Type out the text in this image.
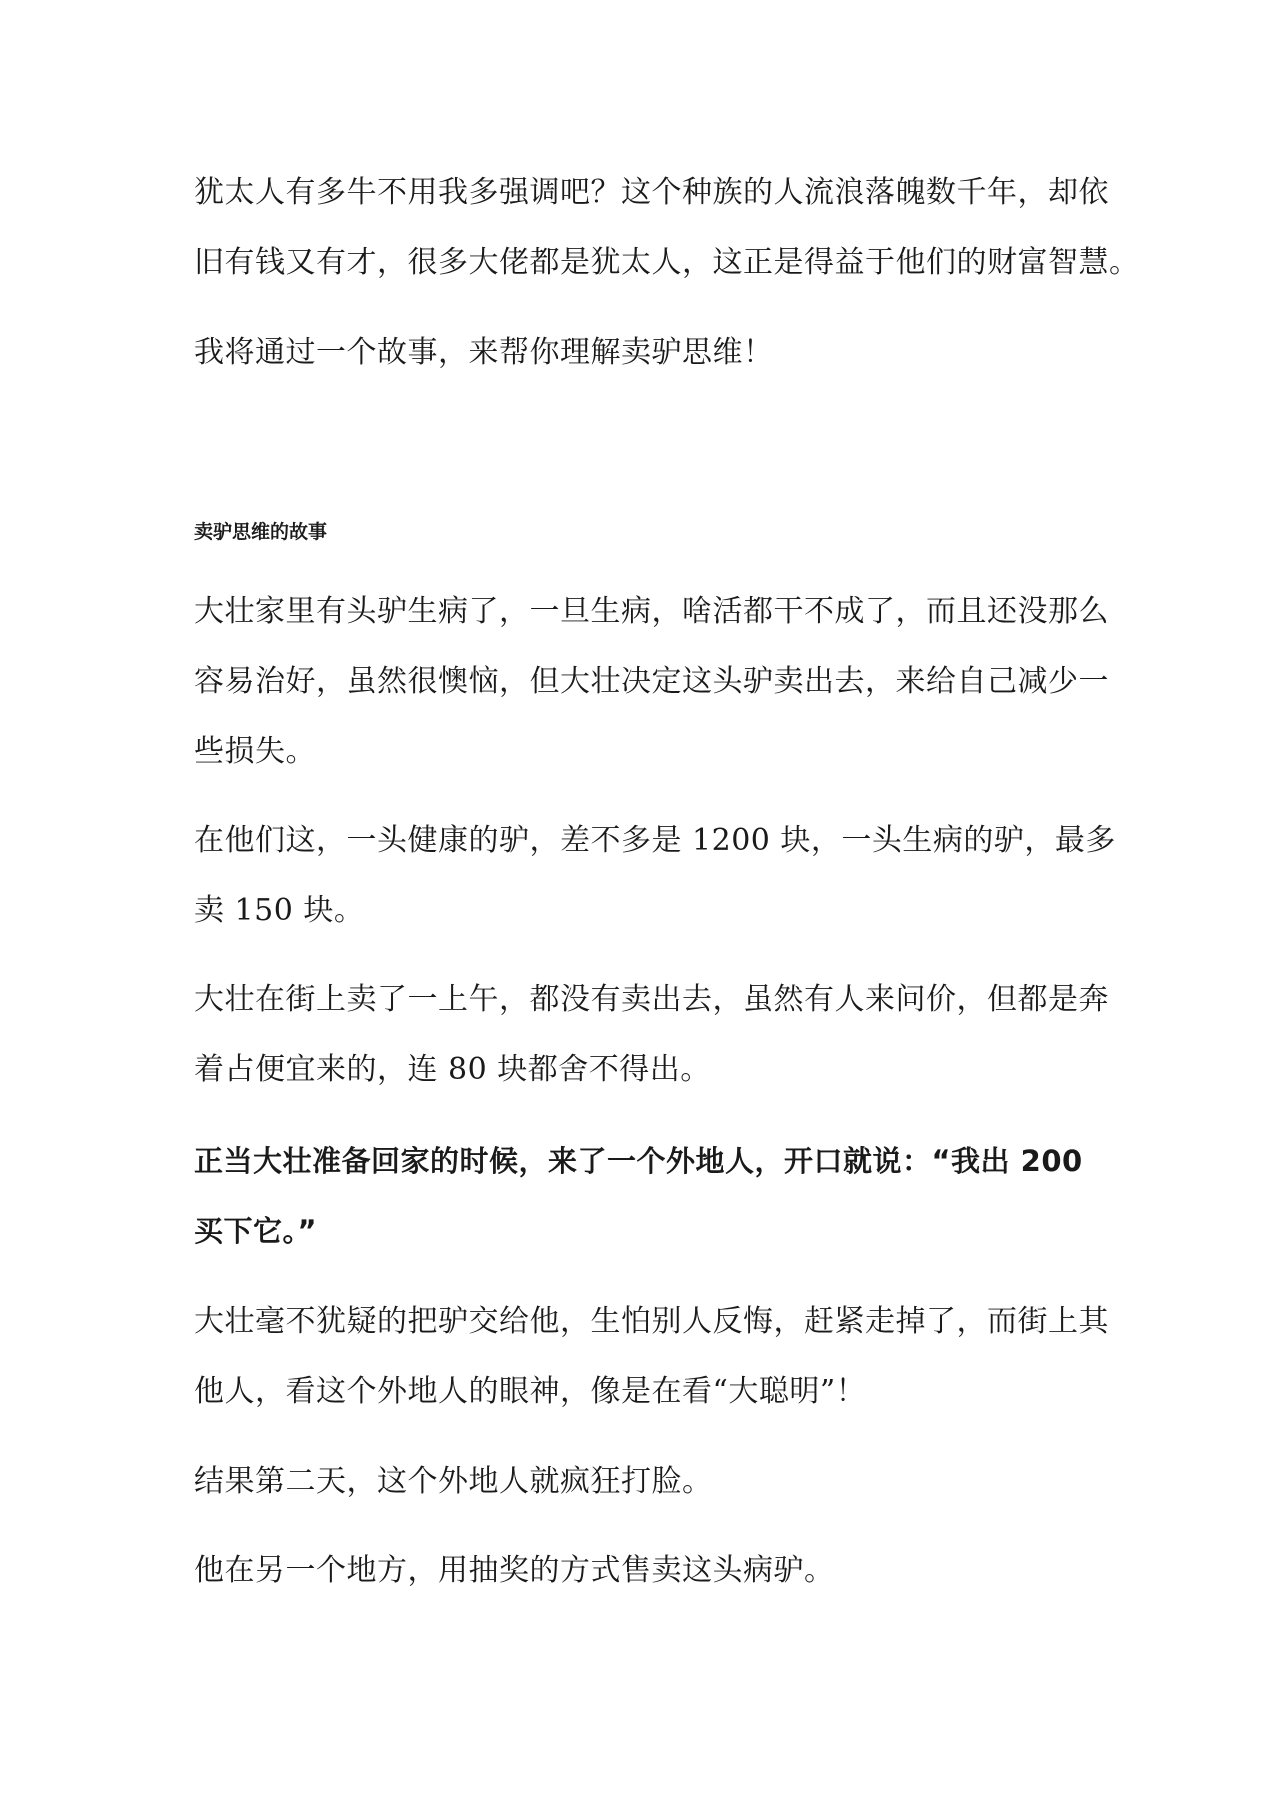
犹太人有多牛不用我多强调吧？这个种族的人流浪落魄数千年，却依
旧有钱又有才，很多大佬都是犹太人，这正是得益于他们的财富智慧。

我将通过一个故事，来帮你理解卖驴思维！

卖驴思维的故事

大壮家里有头驴生病了，一旦生病，啥活都干不成了，而且还没那么
容易治好，虽然很懊恼，但大壮决定这头驴卖出去，来给自己减少一
些损失。

在他们这，一头健康的驴，差不多是 1200 块，一头生病的驴，最多
卖 150 块。

大壮在街上卖了一上午，都没有卖出去，虽然有人来问价，但都是奔
着占便宜来的，连 80 块都舍不得出。

正当大壮准备回家的时候，来了一个外地人，开口就说：“我出 200
买下它。”

大壮毫不犹疑的把驴交给他，生怕别人反悔，赶紧走掉了，而街上其
他人，看这个外地人的眼神，像是在看“大聪明”！

结果第二天，这个外地人就疯狂打脸。

他在另一个地方，用抽奖的方式售卖这头病驴。
